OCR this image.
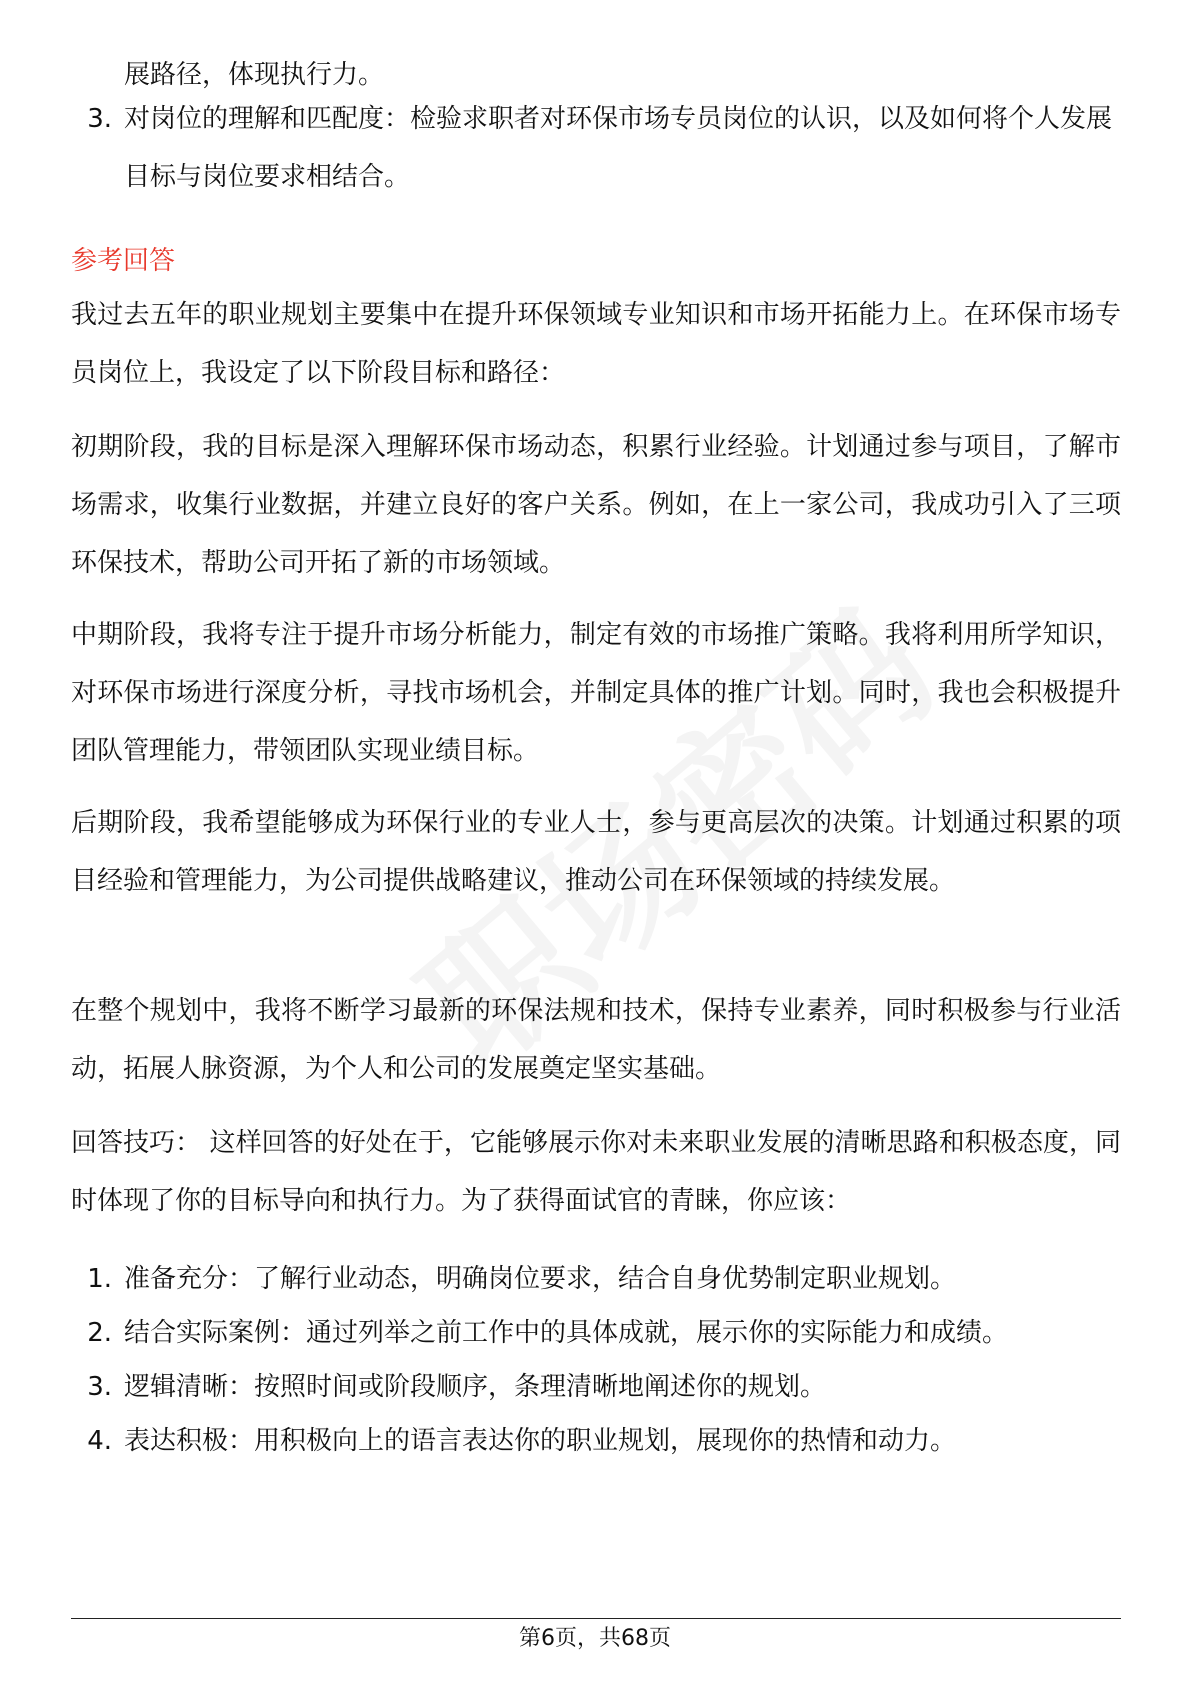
展路径，体现执行力。
3. 对岗位的理解和匹配度：检验求职者对环保市场专员岗位的认识，以及如何将个人发展目标与岗位要求相结合。
参考回答
我过去五年的职业规划主要集中在提升环保领域专业知识和市场开拓能力上。在环保市场专员岗位上，我设定了以下阶段目标和路径：
初期阶段，我的目标是深入理解环保市场动态，积累行业经验。计划通过参与项目，了解市场需求，收集行业数据，并建立良好的客户关系。例如，在上一家公司，我成功引入了三项环保技术，帮助公司开拓了新的市场领域。
中期阶段，我将专注于提升市场分析能力，制定有效的市场推广策略。我将利用所学知识，对环保市场进行深度分析，寻找市场机会，并制定具体的推广计划。同时，我也会积极提升团队管理能力，带领团队实现业绩目标。
后期阶段，我希望能够成为环保行业的专业人士，参与更高层次的决策。计划通过积累的项目经验和管理能力，为公司提供战略建议，推动公司在环保领域的持续发展。
在整个规划中，我将不断学习最新的环保法规和技术，保持专业素养，同时积极参与行业活动，拓展人脉资源，为个人和公司的发展奠定坚实基础。
回答技巧： 这样回答的好处在于，它能够展示你对未来职业发展的清晰思路和积极态度，同时体现了你的目标导向和执行力。为了获得面试官的青睐，你应该：
1. 准备充分：了解行业动态，明确岗位要求，结合自身优势制定职业规划。
2. 结合实际案例：通过列举之前工作中的具体成就，展示你的实际能力和成绩。
3. 逻辑清晰：按照时间或阶段顺序，条理清晰地阐述你的规划。
4. 表达积极：用积极向上的语言表达你的职业规划，展现你的热情和动力。
第6页，共68页
